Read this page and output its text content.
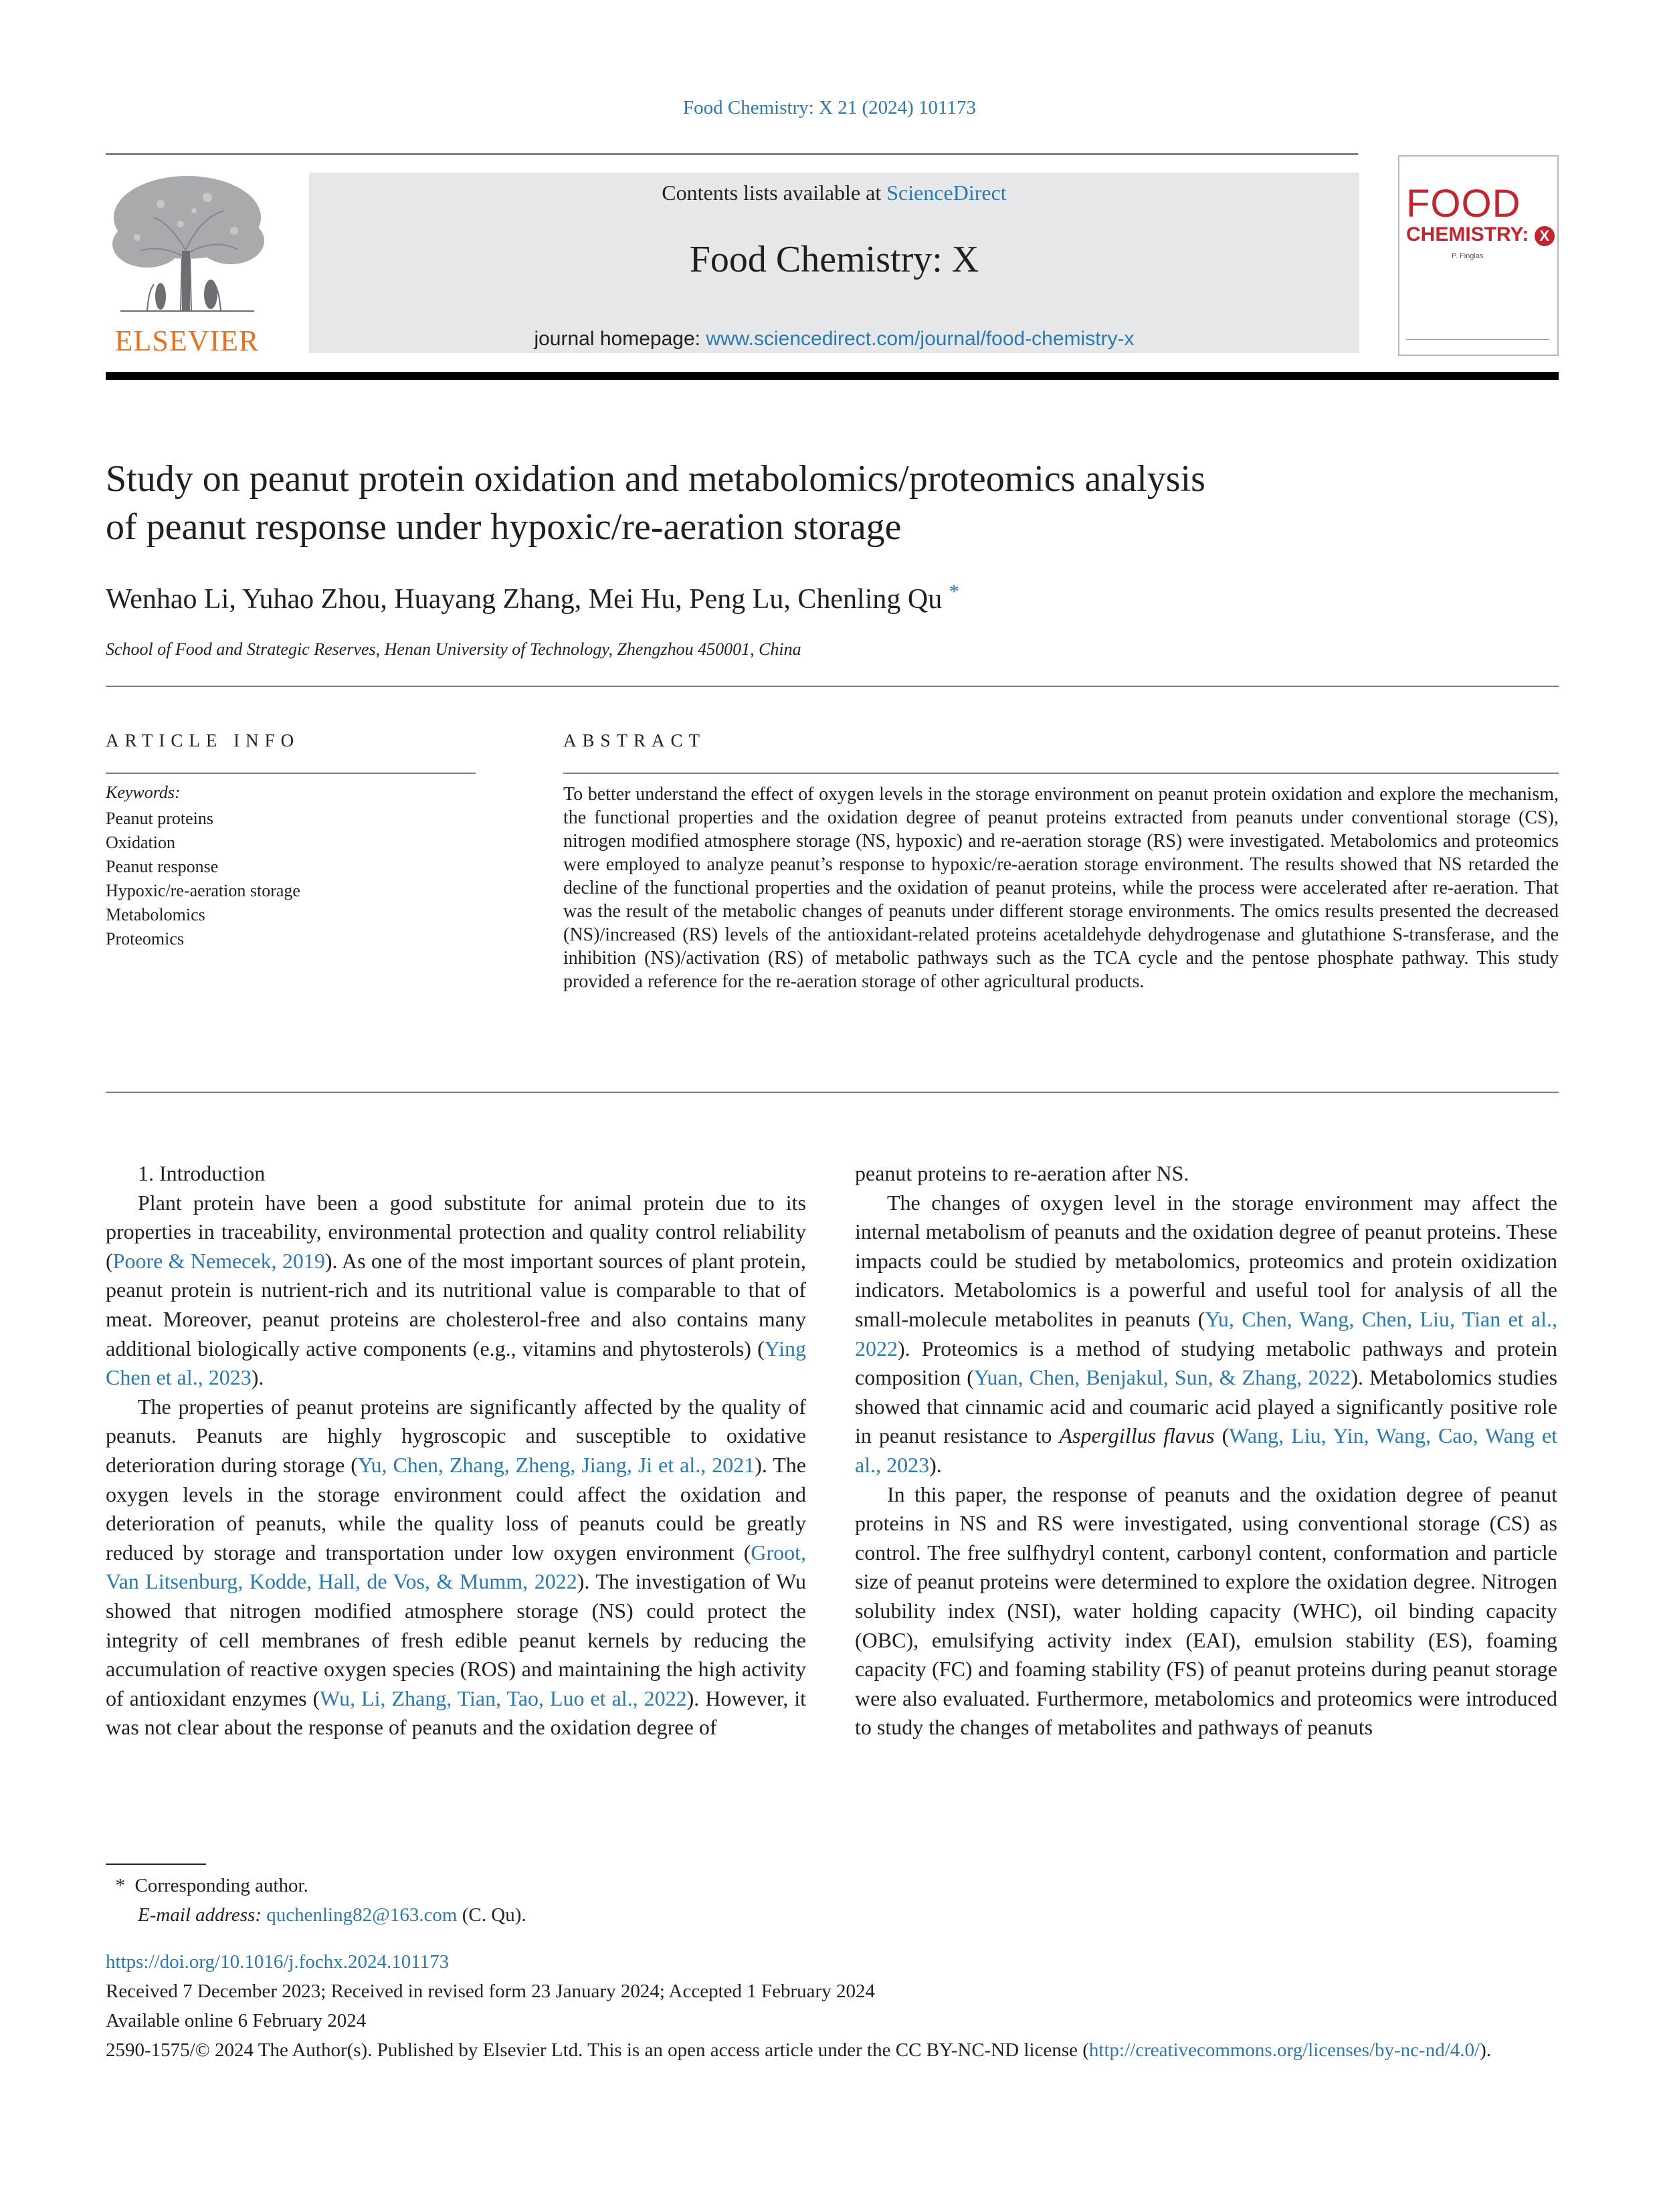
Food Chemistry: X 21 (2024) 101173
ELSEVIER
Contents lists available at ScienceDirect
Food Chemistry: X
journal homepage: www.sciencedirect.com/journal/food-chemistry-x
FOOD
CHEMISTRY: X
P. Finglas
Study on peanut protein oxidation and metabolomics/proteomics analysis
of peanut response under hypoxic/re-aeration storage
Wenhao Li, Yuhao Zhou, Huayang Zhang, Mei Hu, Peng Lu, Chenling Qu *
School of Food and Strategic Reserves, Henan University of Technology, Zhengzhou 450001, China
ARTICLE INFO
Keywords:
Peanut proteins
Oxidation
Peanut response
Hypoxic/re-aeration storage
Metabolomics
Proteomics
ABSTRACT

To better understand the effect of oxygen levels in the storage environment on peanut protein oxidation and explore the mechanism, the functional properties and the oxidation degree of peanut proteins extracted from peanuts under conventional storage (CS), nitrogen modified atmosphere storage (NS, hypoxic) and re-aeration storage (RS) were investigated. Metabolomics and proteomics were employed to analyze peanut’s response to hypoxic/re-aeration storage environment. The results showed that NS retarded the decline of the functional properties and the oxidation of peanut proteins, while the process were accelerated after re-aeration. That was the result of the metabolic changes of peanuts under different storage environments. The omics results presented the decreased (NS)/increased (RS) levels of the antioxidant-related proteins acetaldehyde dehydrogenase and glutathione S-transferase, and the inhibition (NS)/activation (RS) of metabolic pathways such as the TCA cycle and the pentose phosphate pathway. This study provided a reference for the re-aeration storage of other agricultural products.

1. Introduction

Plant protein have been a good substitute for animal protein due to its properties in traceability, environmental protection and quality control reliability (Poore & Nemecek, 2019). As one of the most important sources of plant protein, peanut protein is nutrient-rich and its nutritional value is comparable to that of meat. Moreover, peanut proteins are cholesterol-free and also contains many additional biologically active components (e.g., vitamins and phytosterols) (Ying Chen et al., 2023).

The properties of peanut proteins are significantly affected by the quality of peanuts. Peanuts are highly hygroscopic and susceptible to oxidative deterioration during storage (Yu, Chen, Zhang, Zheng, Jiang, Ji et al., 2021). The oxygen levels in the storage environment could affect the oxidation and deterioration of peanuts, while the quality loss of peanuts could be greatly reduced by storage and transportation under low oxygen environment (Groot, Van Litsenburg, Kodde, Hall, de Vos, & Mumm, 2022). The investigation of Wu showed that nitrogen modified atmosphere storage (NS) could protect the integrity of cell membranes of fresh edible peanut kernels by reducing the accumulation of reactive oxygen species (ROS) and maintaining the high activity of antioxidant enzymes (Wu, Li, Zhang, Tian, Tao, Luo et al., 2022). However, it was not clear about the response of peanuts and the oxidation degree of

peanut proteins to re-aeration after NS.

The changes of oxygen level in the storage environment may affect the internal metabolism of peanuts and the oxidation degree of peanut proteins. These impacts could be studied by metabolomics, proteomics and protein oxidization indicators. Metabolomics is a powerful and useful tool for analysis of all the small-molecule metabolites in peanuts (Yu, Chen, Wang, Chen, Liu, Tian et al., 2022). Proteomics is a method of studying metabolic pathways and protein composition (Yuan, Chen, Benjakul, Sun, & Zhang, 2022). Metabolomics studies showed that cinnamic acid and coumaric acid played a significantly positive role in peanut resistance to Aspergillus flavus (Wang, Liu, Yin, Wang, Cao, Wang et al., 2023).

In this paper, the response of peanuts and the oxidation degree of peanut proteins in NS and RS were investigated, using conventional storage (CS) as control. The free sulfhydryl content, carbonyl content, conformation and particle size of peanut proteins were determined to explore the oxidation degree. Nitrogen solubility index (NSI), water holding capacity (WHC), oil binding capacity (OBC), emulsifying activity index (EAI), emulsion stability (ES), foaming capacity (FC) and foaming stability (FS) of peanut proteins during peanut storage were also evaluated. Furthermore, metabolomics and proteomics were introduced to study the changes of metabolites and pathways of peanuts

* Corresponding author.
E-mail address: quchenling82@163.com (C. Qu).
https://doi.org/10.1016/j.fochx.2024.101173
Received 7 December 2023; Received in revised form 23 January 2024; Accepted 1 February 2024
Available online 6 February 2024
2590-1575/© 2024 The Author(s). Published by Elsevier Ltd. This is an open access article under the CC BY-NC-ND license (http://creativecommons.org/licenses/by-nc-nd/4.0/).
